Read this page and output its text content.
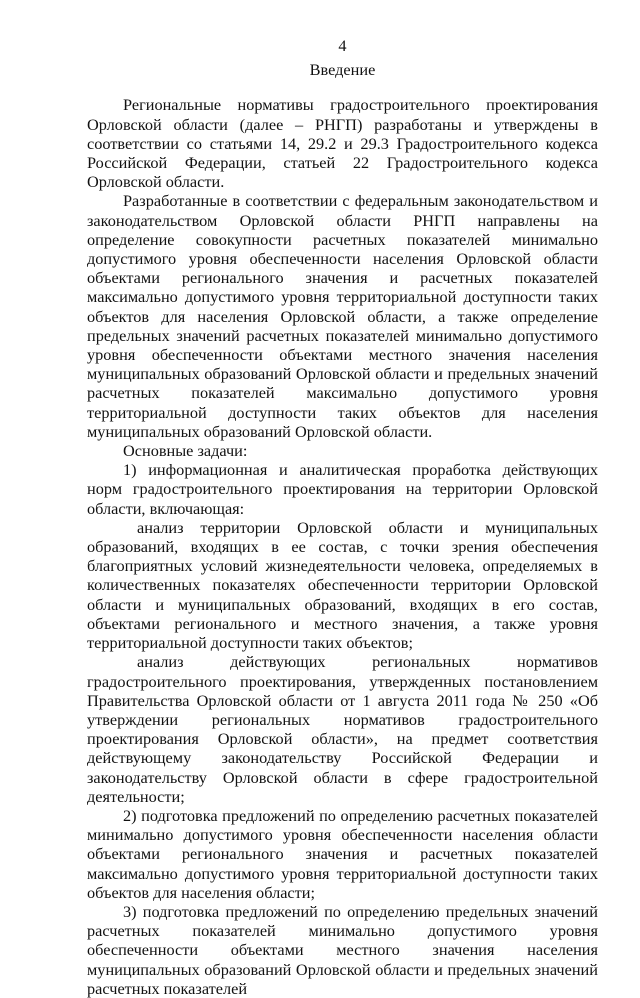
4
Введение

Региональные нормативы градостроительного проектирования Орловской области (далее – РНГП) разработаны и утверждены в соответствии со статьями 14, 29.2 и 29.3 Градостроительного кодекса Российской Федерации, статьей 22 Градостроительного кодекса Орловской области.

Разработанные в соответствии с федеральным законодательством и законодательством Орловской области РНГП направлены на определение совокупности расчетных показателей минимально допустимого уровня обеспеченности населения Орловской области объектами регионального значения и расчетных показателей максимально допустимого уровня территориальной доступности таких объектов для населения Орловской области, а также определение предельных значений расчетных показателей минимально допустимого уровня обеспеченности объектами местного значения населения муниципальных образований Орловской области и предельных значений расчетных показателей максимально допустимого уровня территориальной доступности таких объектов для населения муниципальных образований Орловской области.

Основные задачи:

1) информационная и аналитическая проработка действующих норм градостроительного проектирования на территории Орловской области, включающая:

анализ территории Орловской области и муниципальных образований, входящих в ее состав, с точки зрения обеспечения благоприятных условий жизнедеятельности человека, определяемых в количественных показателях обеспеченности территории Орловской области и муниципальных образований, входящих в его состав, объектами регионального и местного значения, а также уровня территориальной доступности таких объектов;

анализ действующих региональных нормативов градостроительного проектирования, утвержденных постановлением Правительства Орловской области от 1 августа 2011 года № 250 «Об утверждении региональных нормативов градостроительного проектирования Орловской области», на предмет соответствия действующему законодательству Российской Федерации и законодательству Орловской области в сфере градостроительной деятельности;

2) подготовка предложений по определению расчетных показателей минимально допустимого уровня обеспеченности населения области объектами регионального значения и расчетных показателей максимально допустимого уровня территориальной доступности таких объектов для населения области;

3) подготовка предложений по определению предельных значений расчетных показателей минимально допустимого уровня обеспеченности объектами местного значения населения муниципальных образований Орловской области и предельных значений расчетных показателей
